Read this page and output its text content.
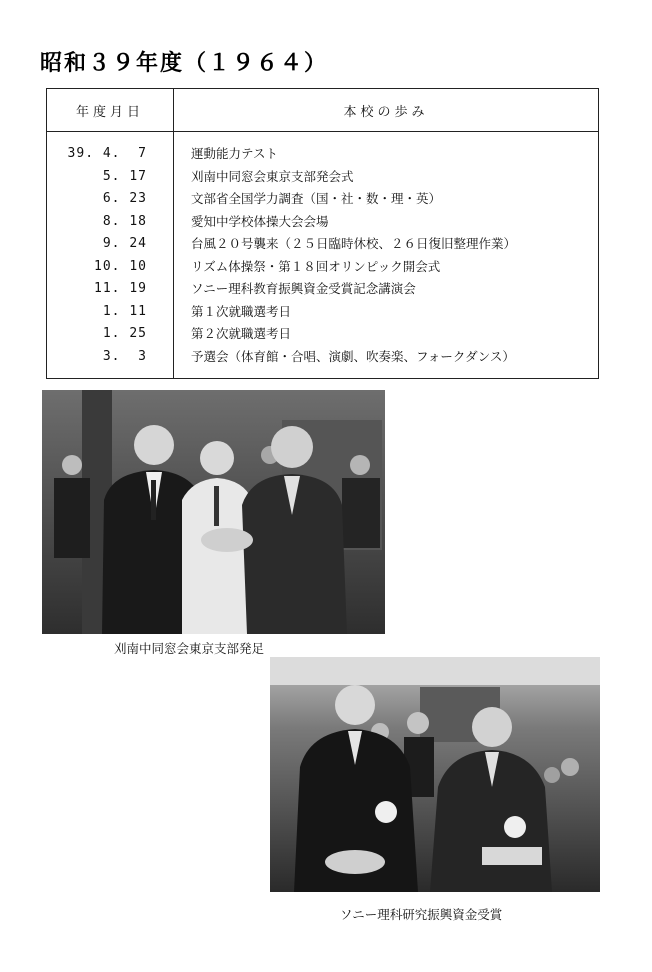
昭和３９年度（１９６４）
年度月日	本校の歩み
39. 4.  7	運動能力テスト
5. 17	刈南中同窓会東京支部発会式
6. 23	文部省全国学力調査（国・社・数・理・英）
8. 18	愛知中学校体操大会会場
9. 24	台風２０号襲来（２５日臨時休校、２６日復旧整理作業）
10. 10	リズム体操祭・第１８回オリンピック開会式
11. 19	ソニー理科教育振興資金受賞記念講演会
1. 11	第１次就職選考日
1. 25	第２次就職選考日
3.  3	予選会（体育館・合唱、演劇、吹奏楽、フォークダンス）
刈南中同窓会東京支部発足
ソニー理科研究振興資金受賞
